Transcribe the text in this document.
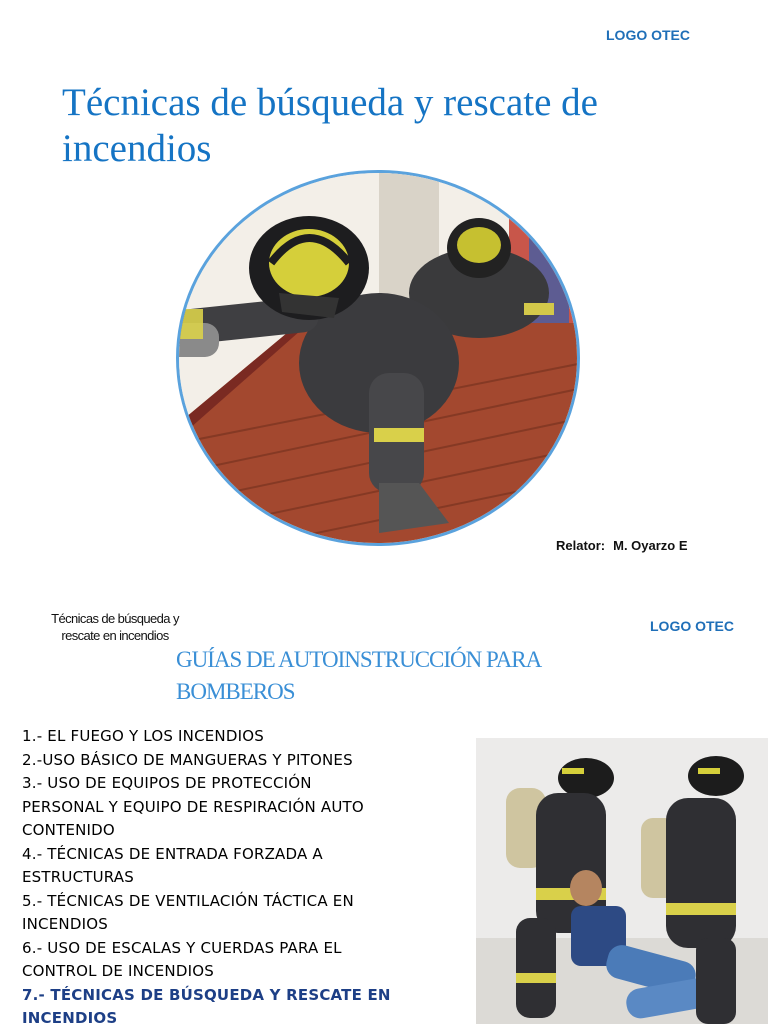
LOGO OTEC
Técnicas de búsqueda y rescate de incendios
Relator: M. Oyarzo E
Técnicas de búsqueda y
rescate en incendios
LOGO OTEC
GUÍAS DE AUTOINSTRUCCIÓN PARA
BOMBEROS
1.- EL FUEGO Y LOS INCENDIOS
2.-USO BÁSICO DE MANGUERAS Y PITONES
3.- USO DE EQUIPOS DE PROTECCIÓN
PERSONAL Y EQUIPO DE RESPIRACIÓN AUTO
CONTENIDO
4.- TÉCNICAS DE ENTRADA FORZADA A
ESTRUCTURAS
5.- TÉCNICAS DE VENTILACIÓN TÁCTICA EN
INCENDIOS
6.- USO DE ESCALAS Y CUERDAS PARA EL
CONTROL DE INCENDIOS
7.- TÉCNICAS DE BÚSQUEDA Y RESCATE EN
INCENDIOS
